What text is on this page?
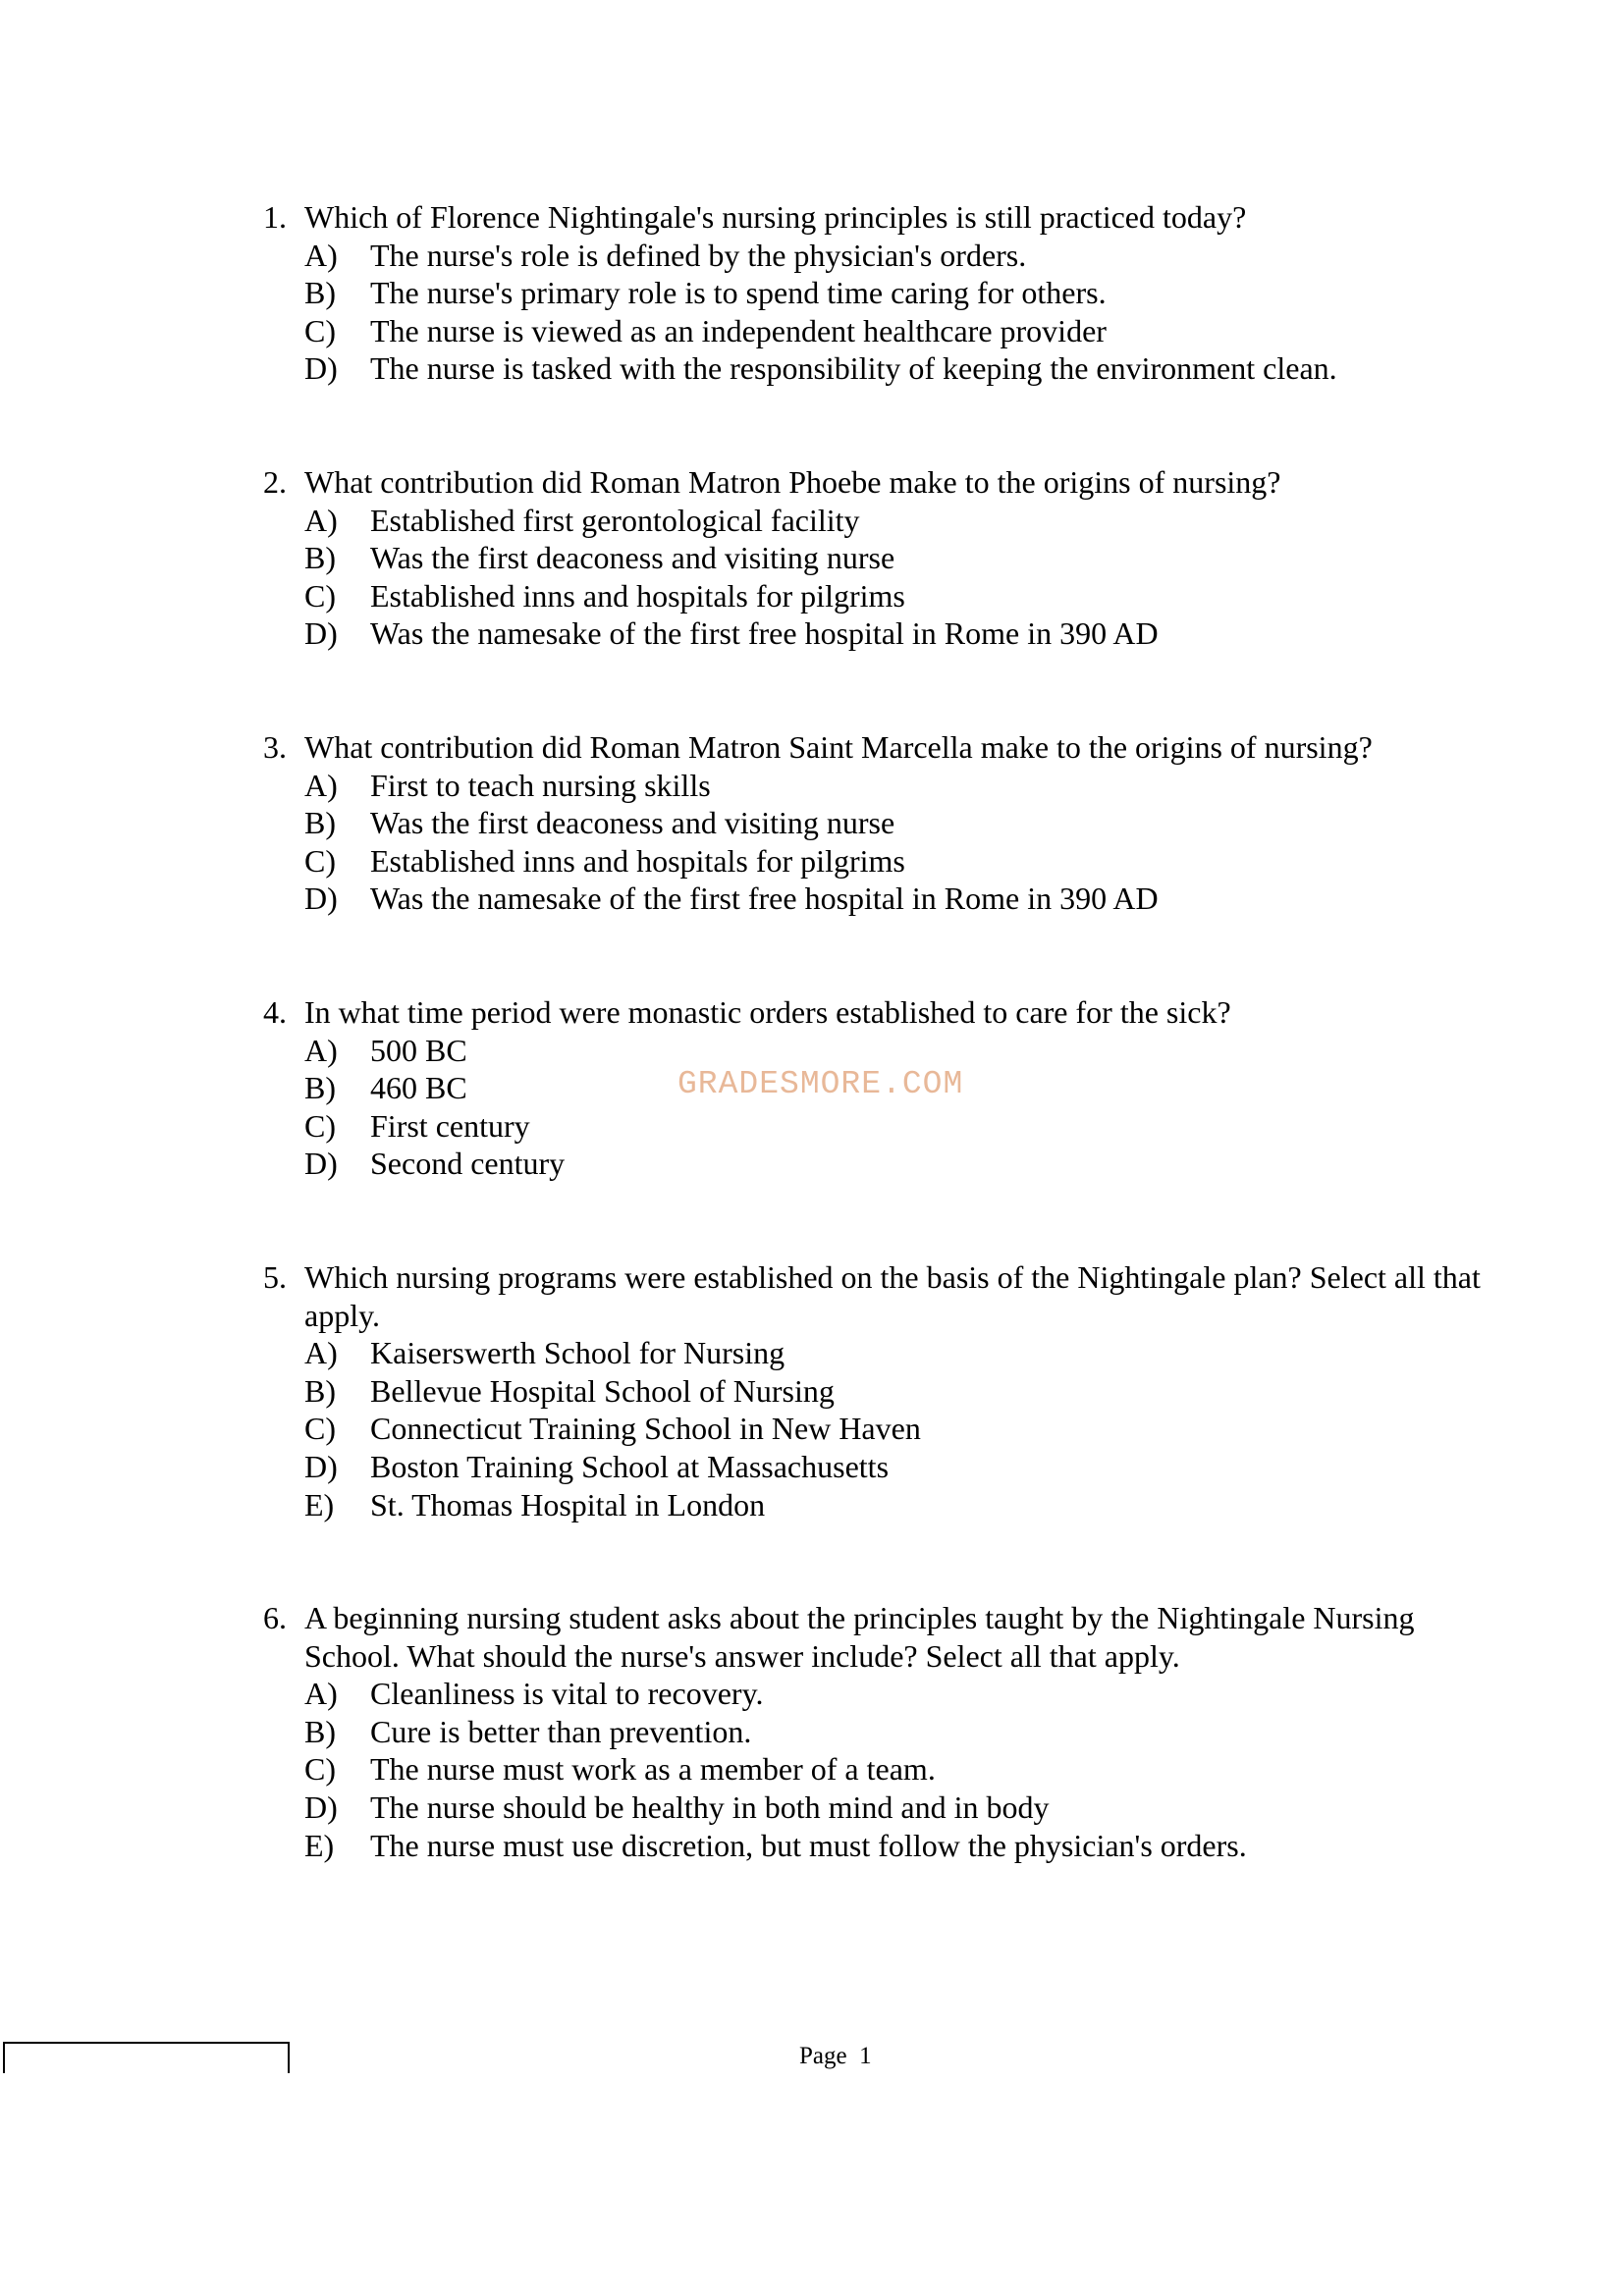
1. Which of Florence Nightingale's nursing principles is still practiced today?
A)	The nurse's role is defined by the physician's orders.
B)	The nurse's primary role is to spend time caring for others.
C)	The nurse is viewed as an independent healthcare provider
D)	The nurse is tasked with the responsibility of keeping the environment clean.
2. What contribution did Roman Matron Phoebe make to the origins of nursing?
A)	Established first gerontological facility
B)	Was the first deaconess and visiting nurse
C)	Established inns and hospitals for pilgrims
D)	Was the namesake of the first free hospital in Rome in 390 AD
3. What contribution did Roman Matron Saint Marcella make to the origins of nursing?
A)	First to teach nursing skills
B)	Was the first deaconess and visiting nurse
C)	Established inns and hospitals for pilgrims
D)	Was the namesake of the first free hospital in Rome in 390 AD
4. In what time period were monastic orders established to care for the sick?
A)	500 BC
B)	460 BC
C)	First century
D)	Second century
5. Which nursing programs were established on the basis of the Nightingale plan? Select all that apply.
A)	Kaiserswerth School for Nursing
B)	Bellevue Hospital School of Nursing
C)	Connecticut Training School in New Haven
D)	Boston Training School at Massachusetts
E)	St. Thomas Hospital in London
6. A beginning nursing student asks about the principles taught by the Nightingale Nursing School. What should the nurse's answer include? Select all that apply.
A)	Cleanliness is vital to recovery.
B)	Cure is better than prevention.
C)	The nurse must work as a member of a team.
D)	The nurse should be healthy in both mind and in body
E)	The nurse must use discretion, but must follow the physician's orders.
GRADESMORE.COM
Page  1
